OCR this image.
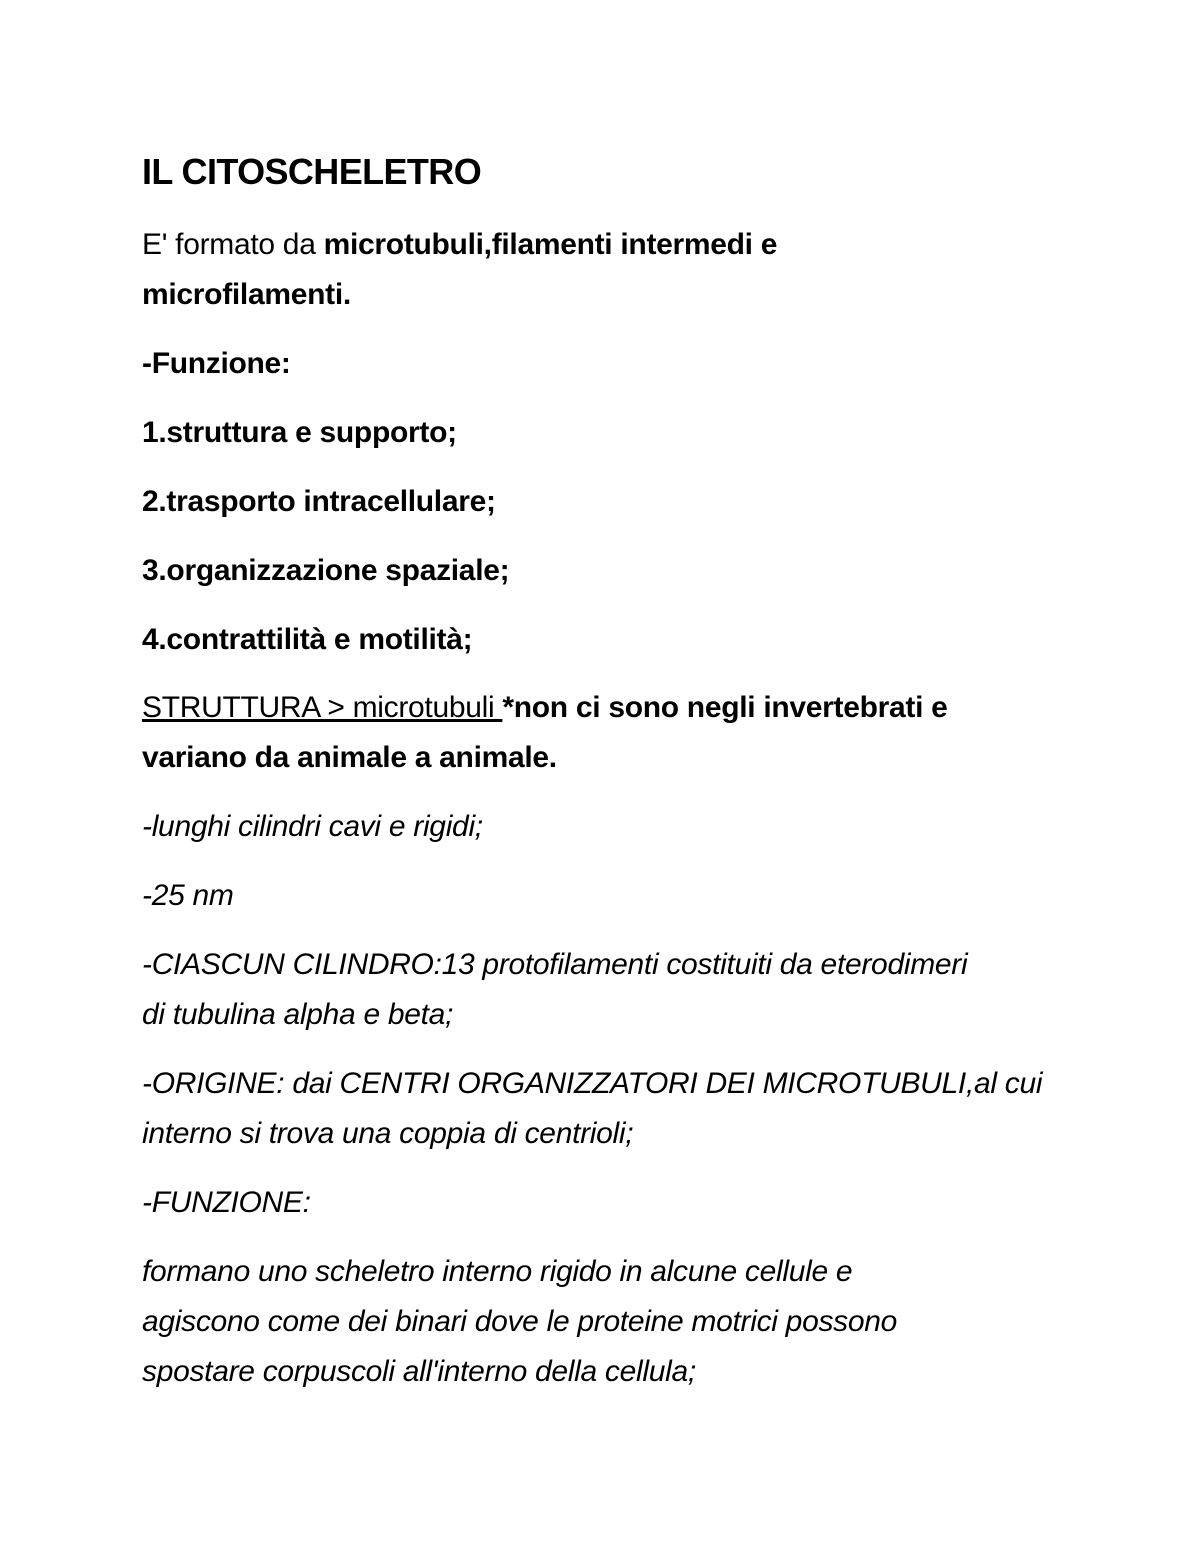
IL CITOSCHELETRO

E' formato da microtubuli,filamenti intermedi e

microfilamenti.

-Funzione:

1.struttura e supporto;

2.trasporto intracellulare;

3.organizzazione spaziale;

4.contrattilità e motilità;

STRUTTURA > microtubuli *non ci sono negli invertebrati e

variano da animale a animale.

-lunghi cilindri cavi e rigidi;

-25 nm

-CIASCUN CILINDRO:13 protofilamenti costituiti da eterodimeri

di tubulina alpha e beta;

-ORIGINE: dai CENTRI ORGANIZZATORI DEI MICROTUBULI,al cui

interno si trova una coppia di centrioli;

-FUNZIONE:

formano uno scheletro interno rigido in alcune cellule e

agiscono come dei binari dove le proteine motrici possono

spostare corpuscoli all'interno della cellula;
